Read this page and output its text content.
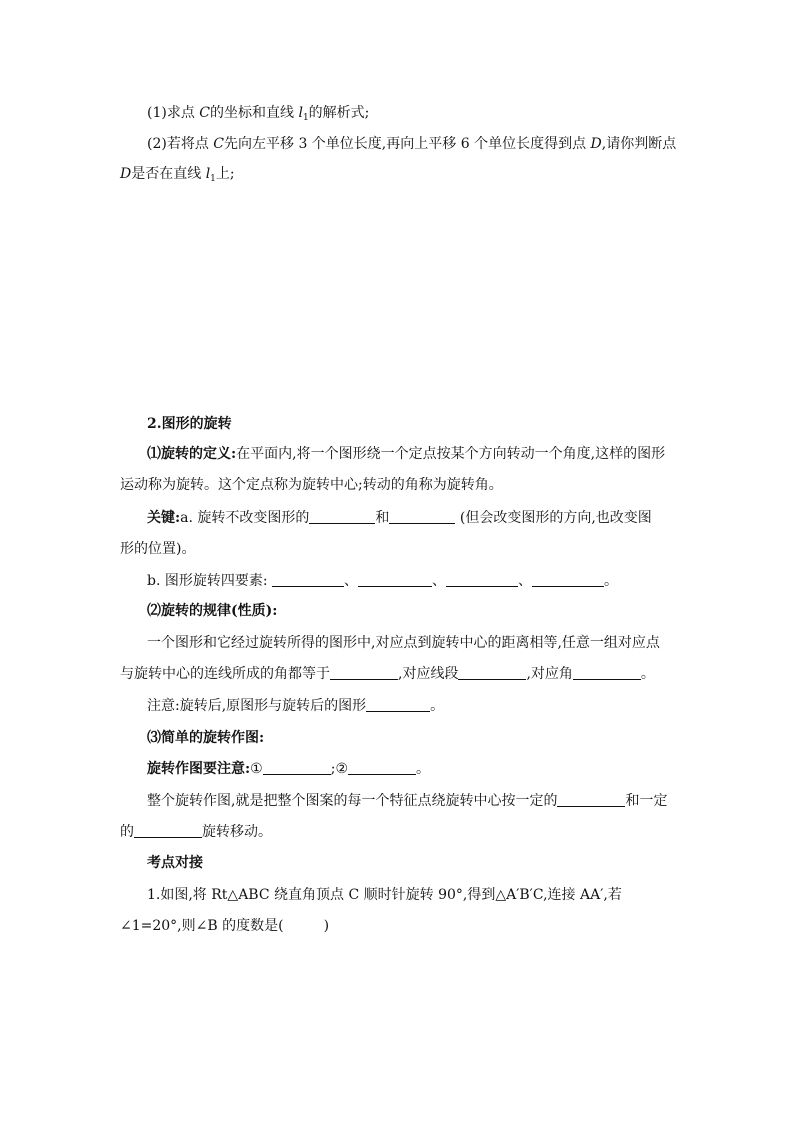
(1)求点 C的坐标和直线 $l_1$的解析式;
(2)若将点 C先向左平移 3 个单位长度,再向上平移 6 个单位长度得到点 D,请你判断点
D是否在直线 $l_1$上;
2.图形的旋转
⑴旋转的定义:在平面内,将一个图形绕一个定点按某个方向转动一个角度,这样的图形
运动称为旋转。这个定点称为旋转中心;转动的角称为旋转角。
关键:a. 旋转不改变图形的	和	(但会改变图形的方向,也改变图
形的位置)。
b. 图形旋转四要素:	、	、	、	。
⑵旋转的规律(性质):
一个图形和它经过旋转所得的图形中,对应点到旋转中心的距离相等,任意一组对应点
与旋转中心的连线所成的角都等于	,对应线段	,对应角	。
注意:旋转后,原图形与旋转后的图形	。
⑶简单的旋转作图:
旋转作图要注意:①	;②	。
整个旋转作图,就是把整个图案的每一个特征点绕旋转中心按一定的	和一定
的	旋转移动。
考点对接
1.如图,将 Rt△ABC 绕直角顶点 C 顺时针旋转 90°,得到△A′B′C,连接 AA′,若
∠1=20°,则∠B 的度数是(	)
